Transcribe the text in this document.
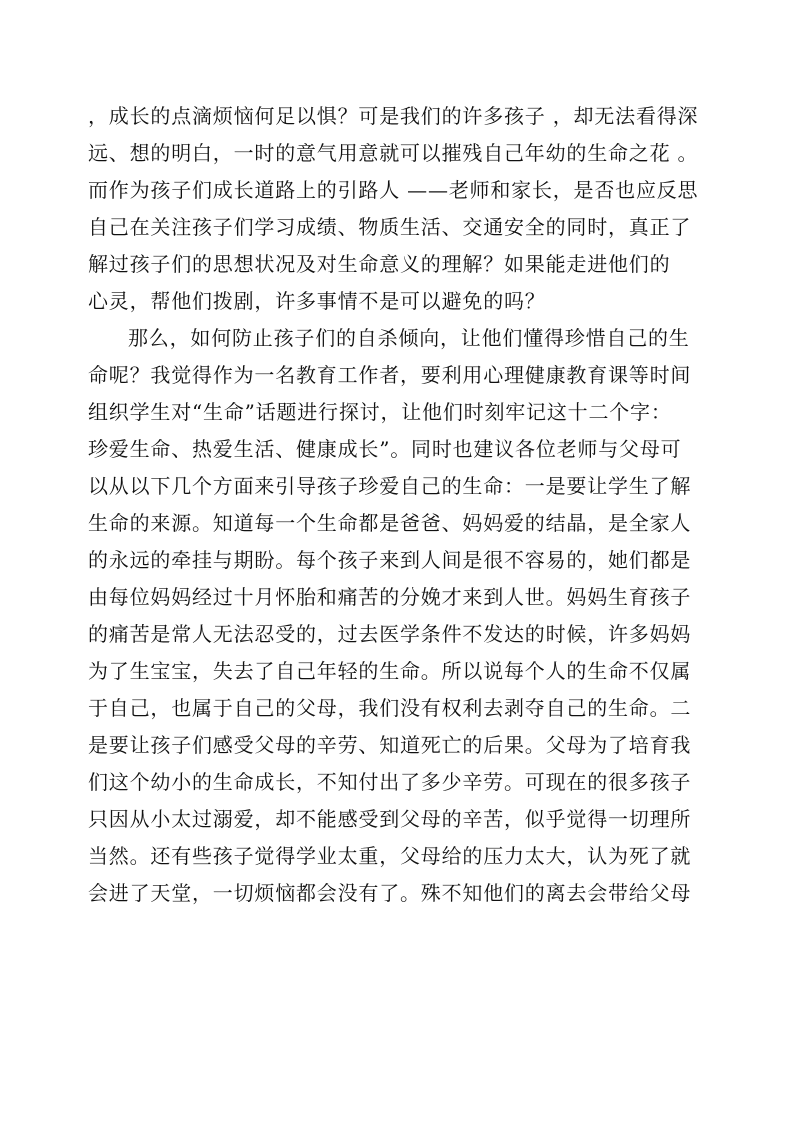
，成长的点滴烦恼何足以惧？可是我们的许多孩子 ，却无法看得深
远、想的明白，一时的意气用意就可以摧残自己年幼的生命之花 。
而作为孩子们成长道路上的引路人 ——老师和家长，是否也应反思
自己在关注孩子们学习成绩、物质生活、交通安全的同时，真正了
解过孩子们的思想状况及对生命意义的理解？如果能走进他们的
心灵，帮他们拨剧，许多事情不是可以避免的吗？
那么，如何防止孩子们的自杀倾向，让他们懂得珍惜自己的生
命呢？我觉得作为一名教育工作者，要利用心理健康教育课等时间
组织学生对“生命”话题进行探讨，让他们时刻牢记这十二个字：
珍爱生命、热爱生活、健康成长”。同时也建议各位老师与父母可
以从以下几个方面来引导孩子珍爱自己的生命：一是要让学生了解
生命的来源。知道每一个生命都是爸爸、妈妈爱的结晶，是全家人
的永远的牵挂与期盼。每个孩子来到人间是很不容易的，她们都是
由每位妈妈经过十月怀胎和痛苦的分娩才来到人世。妈妈生育孩子
的痛苦是常人无法忍受的，过去医学条件不发达的时候，许多妈妈
为了生宝宝，失去了自己年轻的生命。所以说每个人的生命不仅属
于自己，也属于自己的父母，我们没有权利去剥夺自己的生命。二
是要让孩子们感受父母的辛劳、知道死亡的后果。父母为了培育我
们这个幼小的生命成长，不知付出了多少辛劳。可现在的很多孩子
只因从小太过溺爱，却不能感受到父母的辛苦，似乎觉得一切理所
当然。还有些孩子觉得学业太重，父母给的压力太大，认为死了就
会进了天堂，一切烦恼都会没有了。殊不知他们的离去会带给父母
